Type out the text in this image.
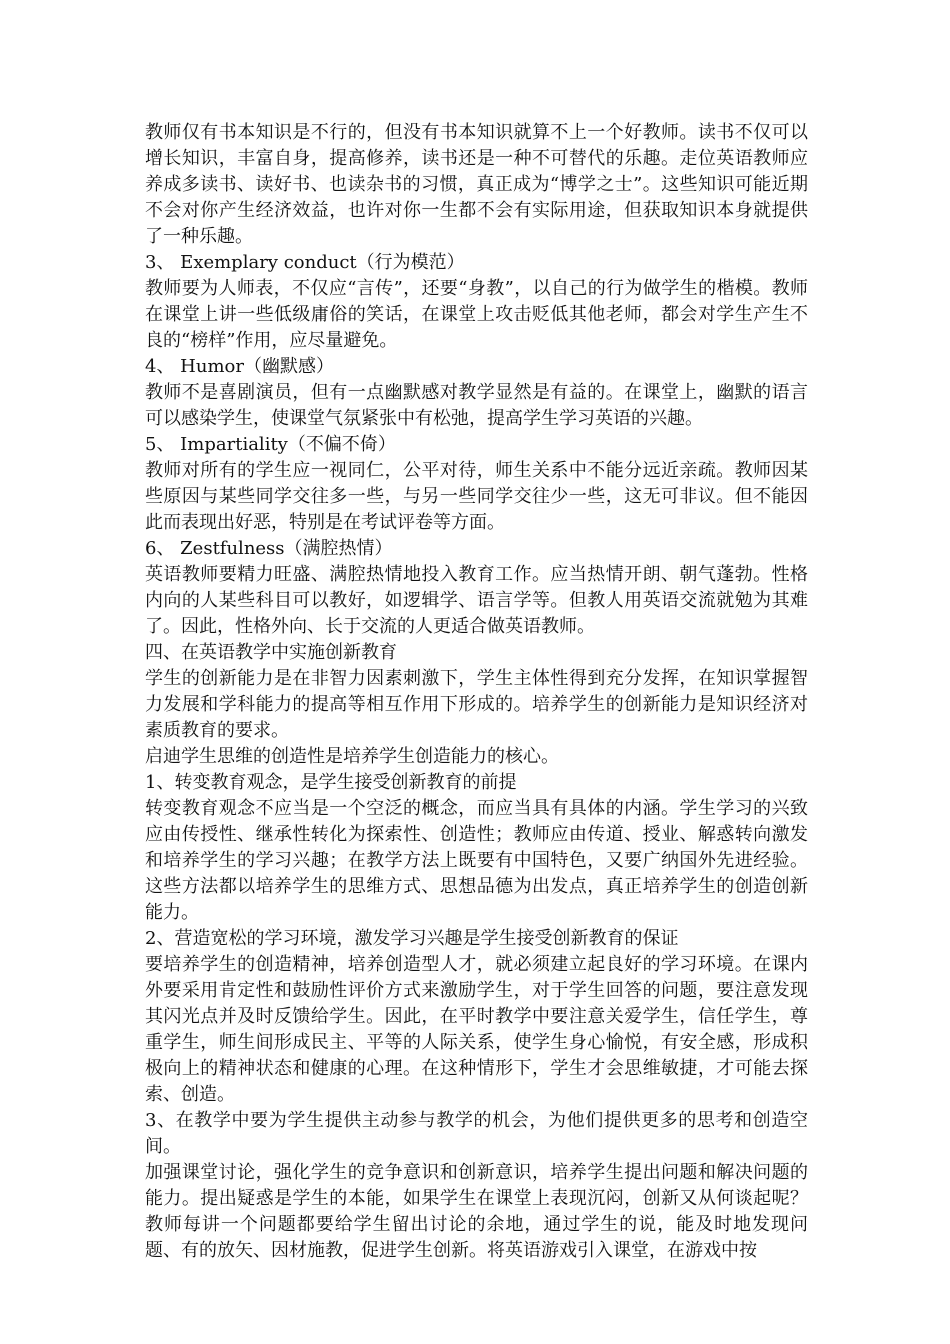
教师仅有书本知识是不行的，但没有书本知识就算不上一个好教师。读书不仅可以增长知识，丰富自身，提高修养，读书还是一种不可替代的乐趣。走位英语教师应养成多读书、读好书、也读杂书的习惯，真正成为“博学之士”。这些知识可能近期不会对你产生经济效益，也许对你一生都不会有实际用途，但获取知识本身就提供了一种乐趣。

3、 Exemplary conduct（行为模范）

教师要为人师表，不仅应“言传”，还要“身教”，以自己的行为做学生的楷模。教师在课堂上讲一些低级庸俗的笑话，在课堂上攻击贬低其他老师，都会对学生产生不良的“榜样”作用，应尽量避免。

4、 Humor（幽默感）

教师不是喜剧演员，但有一点幽默感对教学显然是有益的。在课堂上，幽默的语言可以感染学生，使课堂气氛紧张中有松弛，提高学生学习英语的兴趣。

5、 Impartiality（不偏不倚）

教师对所有的学生应一视同仁，公平对待，师生关系中不能分远近亲疏。教师因某些原因与某些同学交往多一些，与另一些同学交往少一些，这无可非议。但不能因此而表现出好恶，特别是在考试评卷等方面。

6、 Zestfulness（满腔热情）

英语教师要精力旺盛、满腔热情地投入教育工作。应当热情开朗、朝气蓬勃。性格内向的人某些科目可以教好，如逻辑学、语言学等。但教人用英语交流就勉为其难了。因此，性格外向、长于交流的人更适合做英语教师。

四、在英语教学中实施创新教育

学生的创新能力是在非智力因素刺激下，学生主体性得到充分发挥，在知识掌握智力发展和学科能力的提高等相互作用下形成的。培养学生的创新能力是知识经济对素质教育的要求。

启迪学生思维的创造性是培养学生创造能力的核心。

1、转变教育观念，是学生接受创新教育的前提

转变教育观念不应当是一个空泛的概念，而应当具有具体的内涵。学生学习的兴致应由传授性、继承性转化为探索性、创造性；教师应由传道、授业、解惑转向激发和培养学生的学习兴趣；在教学方法上既要有中国特色，又要广纳国外先进经验。这些方法都以培养学生的思维方式、思想品德为出发点，真正培养学生的创造创新能力。

2、营造宽松的学习环境，激发学习兴趣是学生接受创新教育的保证

要培养学生的创造精神，培养创造型人才，就必须建立起良好的学习环境。在课内外要采用肯定性和鼓励性评价方式来激励学生，对于学生回答的问题，要注意发现其闪光点并及时反馈给学生。因此，在平时教学中要注意关爱学生，信任学生，尊重学生，师生间形成民主、平等的人际关系，使学生身心愉悦，有安全感，形成积极向上的精神状态和健康的心理。在这种情形下，学生才会思维敏捷，才可能去探索、创造。

3、在教学中要为学生提供主动参与教学的机会，为他们提供更多的思考和创造空间。

加强课堂讨论，强化学生的竞争意识和创新意识，培养学生提出问题和解决问题的能力。提出疑惑是学生的本能，如果学生在课堂上表现沉闷，创新又从何谈起呢？教师每讲一个问题都要给学生留出讨论的余地，通过学生的说，能及时地发现问题、有的放矢、因材施教，促进学生创新。将英语游戏引入课堂，在游戏中按
